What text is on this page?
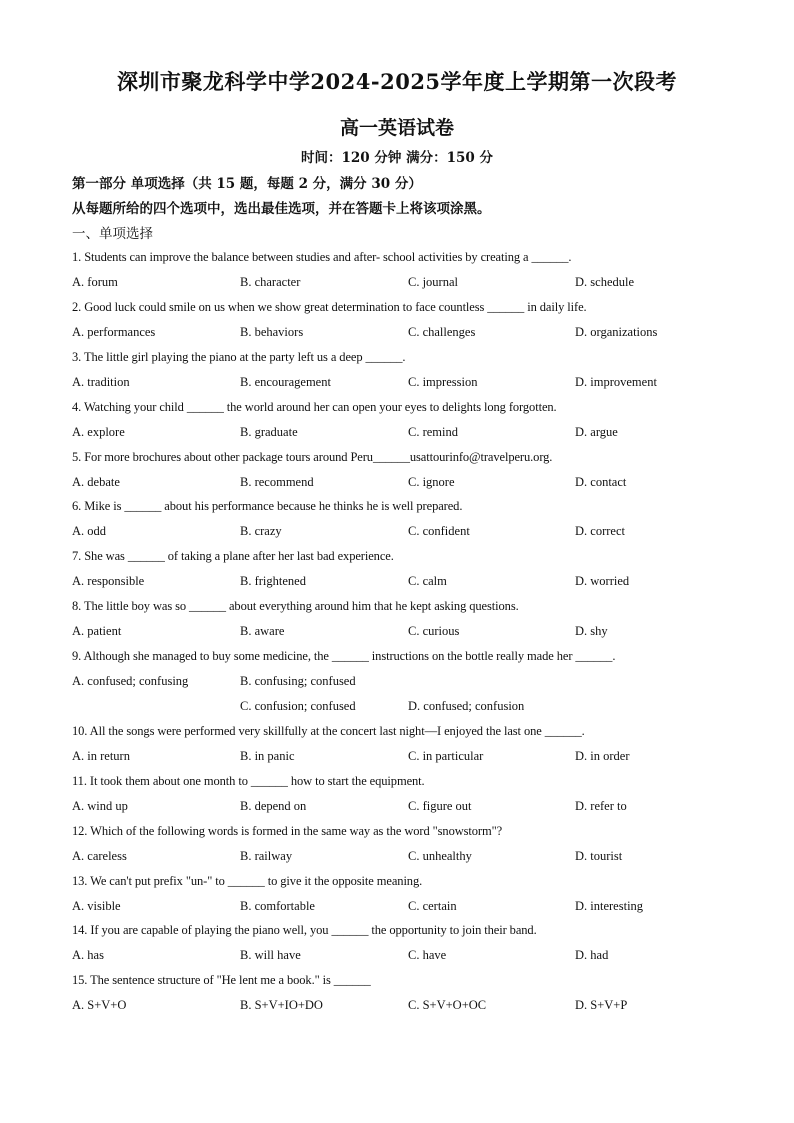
深圳市聚龙科学中学2024-2025学年度上学期第一次段考
高一英语试卷
时间：120 分钟 满分：150 分
第一部分 单项选择（共 15 题，每题 2 分，满分 30 分）
从每题所给的四个选项中，选出最佳选项，并在答题卡上将该项涂黑。
一、单项选择
1. Students can improve the balance between studies and after- school activities by creating a ______.
A. forum	B. character	C. journal	D. schedule
2. Good luck could smile on us when we show great determination to face countless ______ in daily life.
A. performances	B. behaviors	C. challenges	D. organizations
3. The little girl playing the piano at the party left us a deep ______.
A. tradition	B. encouragement	C. impression	D. improvement
4. Watching your child ______ the world around her can open your eyes to delights long forgotten.
A. explore	B. graduate	C. remind	D. argue
5. For more brochures about other package tours around Peru______usattourinfo@travelperu.org.
A. debate	B. recommend	C. ignore	D. contact
6. Mike is ______ about his performance because he thinks he is well prepared.
A. odd	B. crazy	C. confident	D. correct
7. She was ______ of taking a plane after her last bad experience.
A. responsible	B. frightened	C. calm	D. worried
8. The little boy was so ______ about everything around him that he kept asking questions.
A. patient	B. aware	C. curious	D. shy
9. Although she managed to buy some medicine, the ______ instructions on the bottle really made her ______.
A. confused; confusing	B. confusing; confused
C. confusion; confused	D. confused; confusion
10. All the songs were performed very skillfully at the concert last night—I enjoyed the last one ______.
A. in return	B. in panic	C. in particular	D. in order
11. It took them about one month to ______ how to start the equipment.
A. wind up	B. depend on	C. figure out	D. refer to
12. Which of the following words is formed in the same way as the word "snowstorm"?
A. careless	B. railway	C. unhealthy	D. tourist
13. We can't put prefix "un-" to ______ to give it the opposite meaning.
A. visible	B. comfortable	C. certain	D. interesting
14. If you are capable of playing the piano well, you ______ the opportunity to join their band.
A. has	B. will have	C. have	D. had
15. The sentence structure of "He lent me a book." is ______
A. S+V+O	B. S+V+IO+DO	C. S+V+O+OC	D. S+V+P
